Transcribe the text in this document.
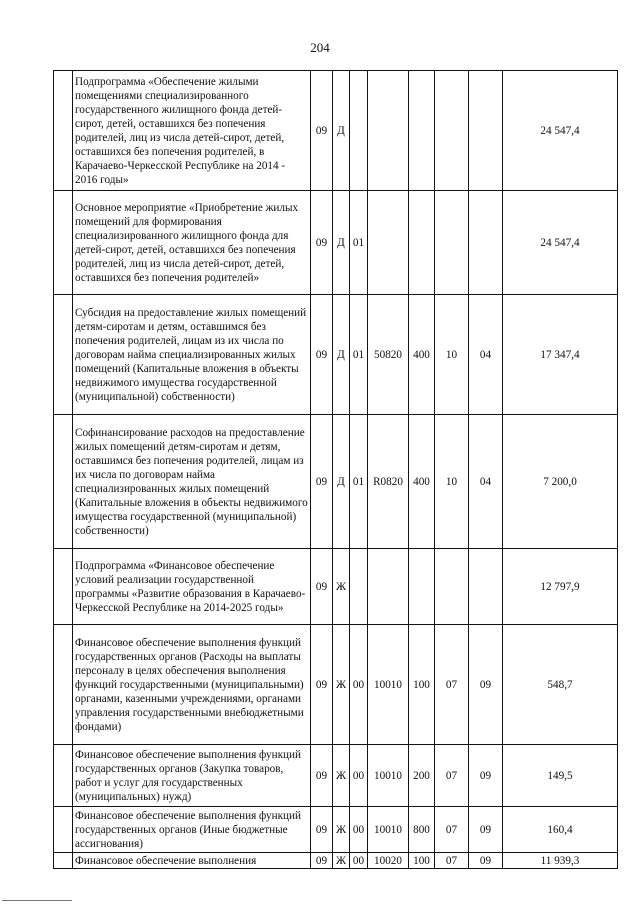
204
	Подпрограмма «Обеспечение жилыми помещениями специализированного государственного жилищного фонда детей-сирот, детей, оставшихся без попечения родителей, лиц из числа детей-сирот, детей, оставшихся без попечения родителей, в Карачаево-Черкесской Республике на 2014 - 2016 годы»	09	Д						24 547,4
	Основное мероприятие «Приобретение жилых помещений для формирования специализированного жилищного фонда для детей-сирот, детей, оставшихся без попечения родителей, лиц из числа детей-сирот, детей, оставшихся без попечения родителей»	09	Д	01					24 547,4
	Субсидия на предоставление жилых помещений детям-сиротам и детям, оставшимся без попечения родителей, лицам из их числа по договорам найма специализированных жилых помещений (Капитальные вложения в объекты недвижимого имущества государственной (муниципальной) собственности)	09	Д	01	50820	400	10	04	17 347,4
	Софинансирование расходов на предоставление жилых помещений детям-сиротам и детям, оставшимся без попечения родителей, лицам из их числа по договорам найма специализированных жилых помещений (Капитальные вложения в объекты недвижимого имущества государственной (муниципальной) собственности)	09	Д	01	R0820	400	10	04	7 200,0
	Подпрограмма «Финансовое обеспечение условий реализации государственной программы «Развитие образования в Карачаево-Черкесской Республике на 2014-2025 годы»	09	Ж						12 797,9
	Финансовое обеспечение выполнения функций государственных органов (Расходы на выплаты персоналу в целях обеспечения выполнения функций государственными (муниципальными) органами, казенными учреждениями, органами управления государственными внебюджетными фондами)	09	Ж	00	10010	100	07	09	548,7
	Финансовое обеспечение выполнения функций государственных органов (Закупка товаров, работ и услуг для государственных (муниципальных) нужд)	09	Ж	00	10010	200	07	09	149,5
	Финансовое обеспечение выполнения функций государственных органов (Иные бюджетные ассигнования)	09	Ж	00	10010	800	07	09	160,4
	Финансовое обеспечение выполнения	09	Ж	00	10020	100	07	09	11 939,3
